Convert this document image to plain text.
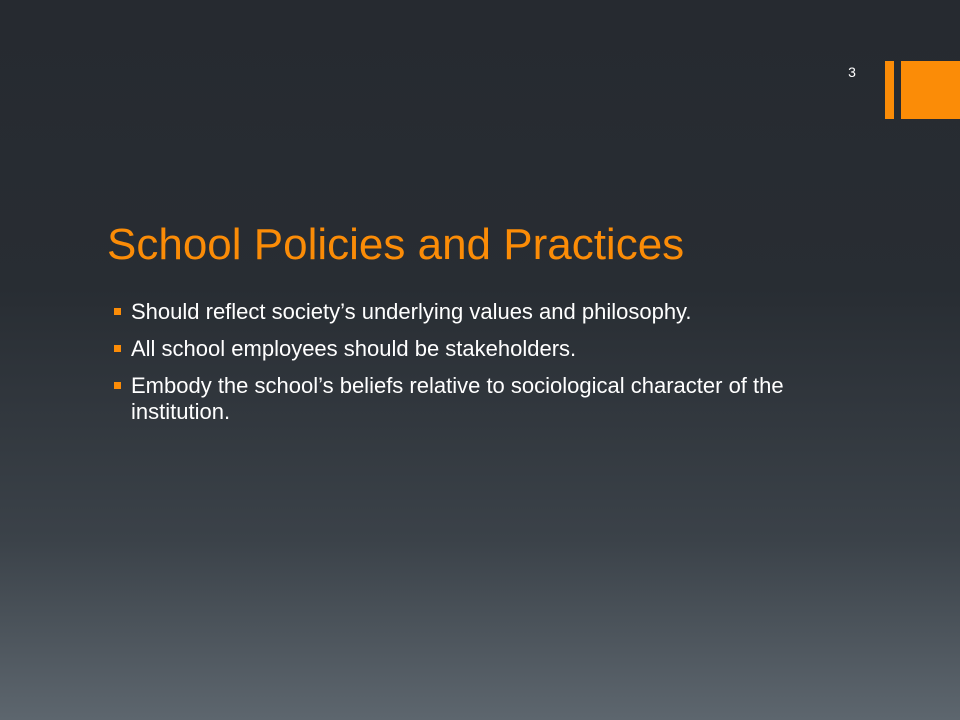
3
School Policies and Practices
Should reflect society’s underlying values and philosophy.
All school employees should be stakeholders.
Embody the school’s beliefs relative to sociological character of the institution.
